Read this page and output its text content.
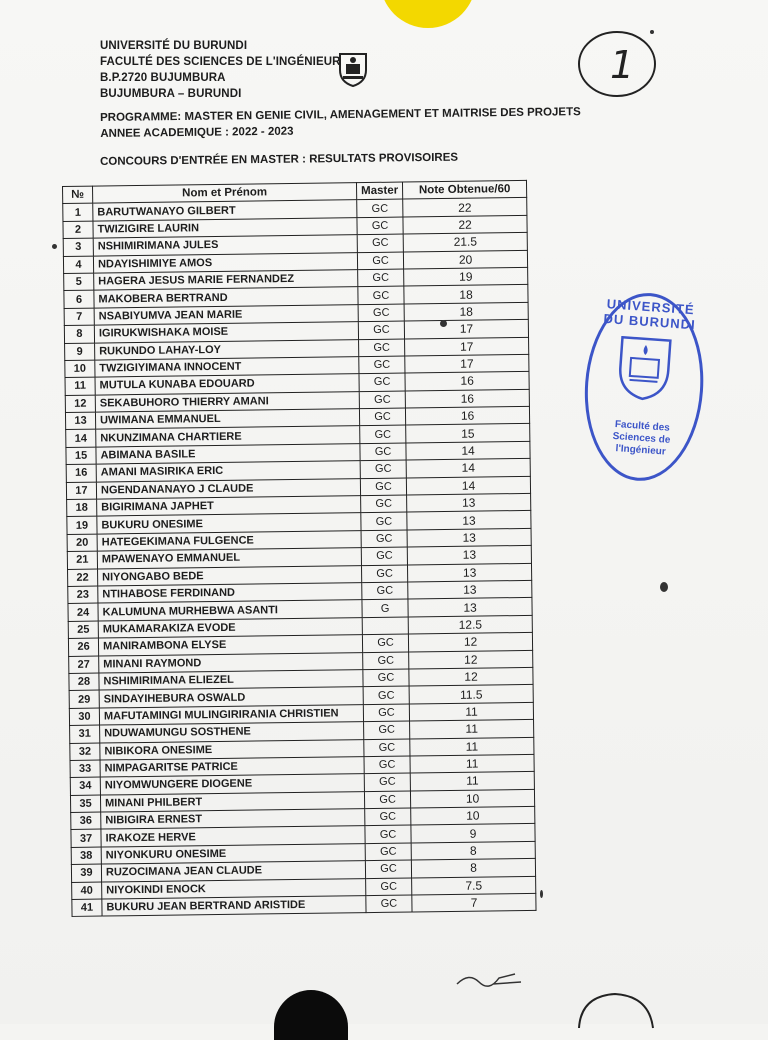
UNIVERSITÉ DU BURUNDI
FACULTÉ DES SCIENCES DE L'INGÉNIEUR
B.P.2720 BUJUMBURA
BUJUMBURA – BURUNDI
1
PROGRAMME: MASTER EN GENIE CIVIL, AMENAGEMENT ET MAITRISE DES PROJETS
ANNEE ACADEMIQUE : 2022 - 2023
CONCOURS D'ENTRÉE EN MASTER : RESULTATS PROVISOIRES
№	Nom et Prénom	Master	Note Obtenue/60
1	BARUTWANAYO GILBERT	GC	22
2	TWIZIGIRE LAURIN	GC	22
3	NSHIMIRIMANA JULES	GC	21.5
4	NDAYISHIMIYE AMOS	GC	20
5	HAGERA JESUS MARIE FERNANDEZ	GC	19
6	MAKOBERA BERTRAND	GC	18
7	NSABIYUMVA JEAN MARIE	GC	18
8	IGIRUKWISHAKA MOISE	GC	17
9	RUKUNDO LAHAY-LOY	GC	17
10	TWZIGIYIMANA INNOCENT	GC	17
11	MUTULA KUNABA EDOUARD	GC	16
12	SEKABUHORO THIERRY AMANI	GC	16
13	UWIMANA EMMANUEL	GC	16
14	NKUNZIMANA CHARTIERE	GC	15
15	ABIMANA BASILE	GC	14
16	AMANI MASIRIKA ERIC	GC	14
17	NGENDANANAYO J CLAUDE	GC	14
18	BIGIRIMANA JAPHET	GC	13
19	BUKURU ONESIME	GC	13
20	HATEGEKIMANA FULGENCE	GC	13
21	MPAWENAYO EMMANUEL	GC	13
22	NIYONGABO BEDE	GC	13
23	NTIHABOSE FERDINAND	GC	13
24	KALUMUNA MURHEBWA ASANTI	G	13
25	MUKAMARAKIZA EVODE		12.5
26	MANIRAMBONA ELYSE	GC	12
27	MINANI RAYMOND	GC	12
28	NSHIMIRIMANA ELIEZEL	GC	12
29	SINDAYIHEBURA OSWALD	GC	11.5
30	MAFUTAMINGI MULINGIRIRANIA CHRISTIEN	GC	11
31	NDUWAMUNGU SOSTHENE	GC	11
32	NIBIKORA ONESIME	GC	11
33	NIMPAGARITSE PATRICE	GC	11
34	NIYOMWUNGERE DIOGENE	GC	11
35	MINANI PHILBERT	GC	10
36	NIBIGIRA ERNEST	GC	10
37	IRAKOZE HERVE	GC	9
38	NIYONKURU ONESIME	GC	8
39	RUZOCIMANA JEAN CLAUDE	GC	8
40	NIYOKINDI ENOCK	GC	7.5
41	BUKURU JEAN BERTRAND ARISTIDE	GC	7
UNIVERSITÉ DU BURUNDI
Faculté des
Sciences de
l'Ingénieur
